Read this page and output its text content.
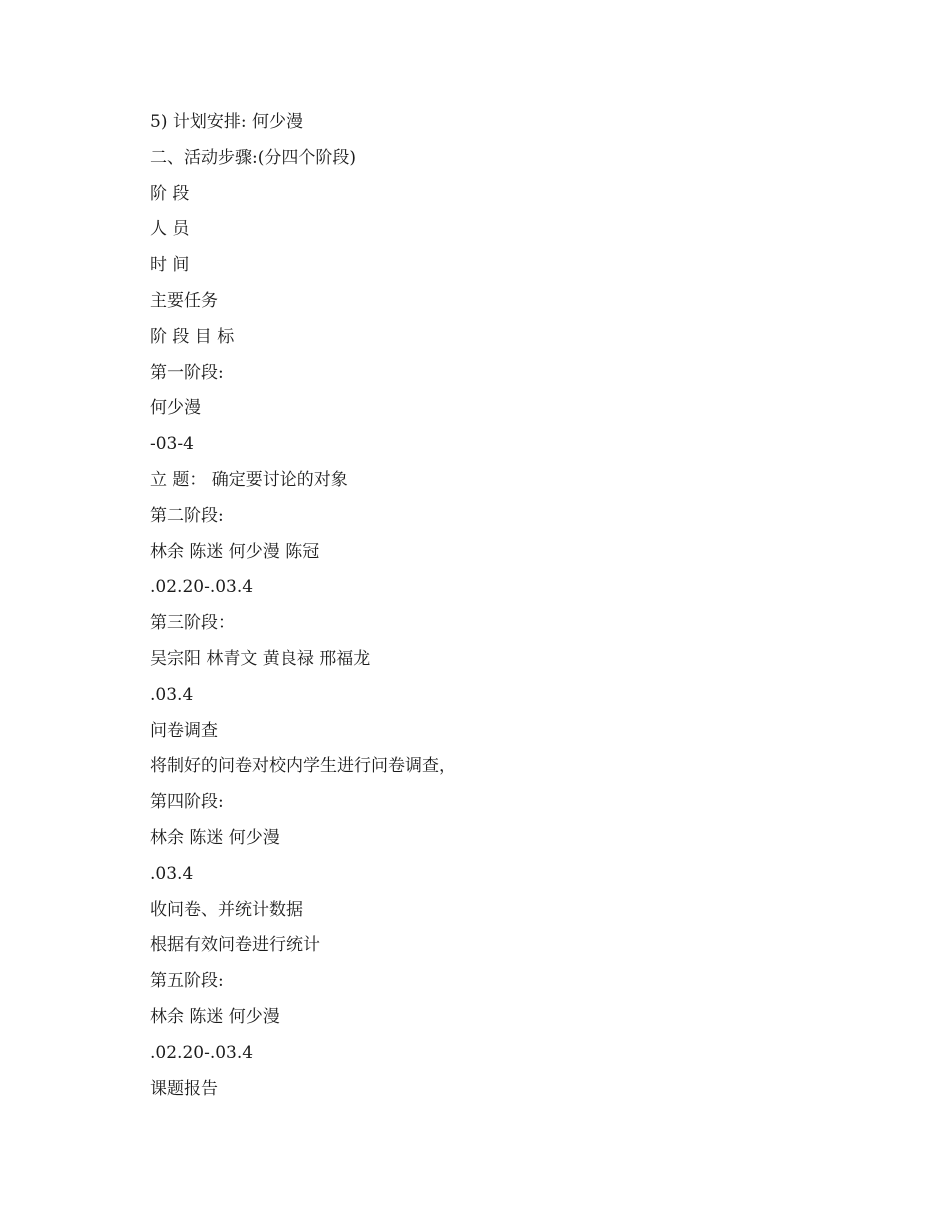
5) 计划安排: 何少漫
二、活动步骤:(分四个阶段)
阶 段
人 员
时 间
主要任务
阶 段 目 标
第一阶段:
何少漫
-03-4
立 题： 确定要讨论的对象
第二阶段:
林余 陈迷 何少漫 陈冠
.02.20-.03.4
第三阶段：
吴宗阳 林青文 黄良禄 邢福龙
.03.4
问卷调查
将制好的问卷对校内学生进行问卷调查，
第四阶段:
林余 陈迷 何少漫
.03.4
收问卷、并统计数据
根据有效问卷进行统计
第五阶段:
林余 陈迷 何少漫
.02.20-.03.4
课题报告
